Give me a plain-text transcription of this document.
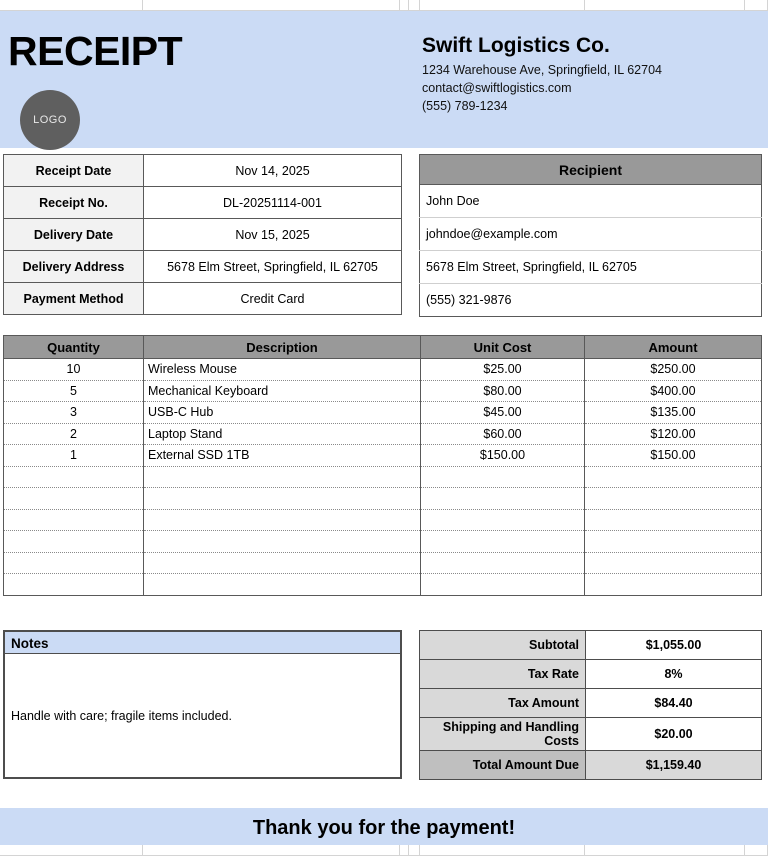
RECEIPT
LOGO
Swift Logistics Co.
1234 Warehouse Ave, Springfield, IL 62704
contact@swiftlogistics.com
(555) 789-1234
Receipt Date	Nov 14, 2025
Receipt No.	DL-20251114-001
Delivery Date	Nov 15, 2025
Delivery Address	5678 Elm Street, Springfield, IL 62705
Payment Method	Credit Card
Recipient
John Doe
johndoe@example.com
5678 Elm Street, Springfield, IL 62705
(555) 321-9876
Quantity	Description	Unit Cost	Amount
10	Wireless Mouse	$25.00	$250.00
5	Mechanical Keyboard	$80.00	$400.00
3	USB-C Hub	$45.00	$135.00
2	Laptop Stand	$60.00	$120.00
1	External SSD 1TB	$150.00	$150.00

Notes
Handle with care; fragile items included.
Subtotal	$1,055.00
Tax Rate	8%
Tax Amount	$84.40
Shipping and Handling Costs	$20.00
Total Amount Due	$1,159.40
Thank you for the payment!
